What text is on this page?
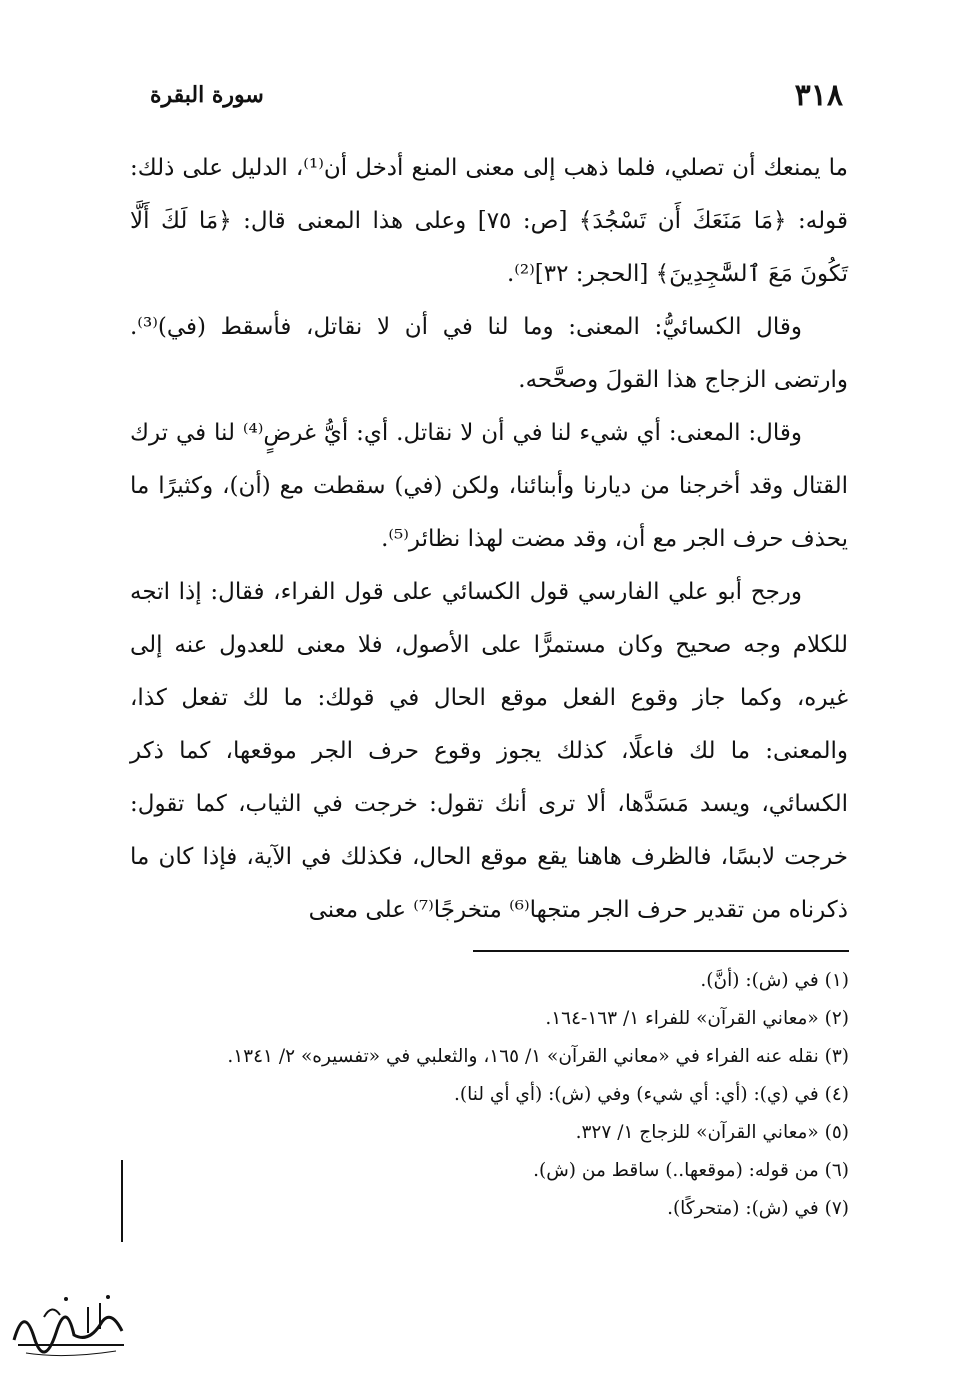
٣١٨
سورة البقرة

ما يمنعك أن تصلي، فلما ذهب إلى معنى المنع أدخل أن⁽¹⁾، الدليل على ذلك: قوله: ﴿مَا مَنَعَكَ أَن تَسْجُدَ﴾ [ص: ٧٥] وعلى هذا المعنى قال: ﴿مَا لَكَ أَلَّا تَكُونَ مَعَ ٱلسَّٰجِدِينَ﴾ [الحجر: ٣٢]⁽²⁾.

وقال الكسائيُّ: المعنى: وما لنا في أن لا نقاتل، فأسقط (في)⁽³⁾. وارتضى الزجاج هذا القولَ وصحَّحه.

وقال: المعنى: أي شيء لنا في أن لا نقاتل. أي: أيُّ غرضٍ⁽⁴⁾ لنا في ترك القتال وقد أخرجنا من ديارنا وأبنائنا، ولكن (في) سقطت مع (أن)، وكثيرًا ما يحذف حرف الجر مع أن، وقد مضت لهذا نظائر⁽⁵⁾.

ورجح أبو علي الفارسي قول الكسائي على قول الفراء، فقال: إذا اتجه للكلام وجه صحيح وكان مستمرًّا على الأصول، فلا معنى للعدول عنه إلى غيره، وكما جاز وقوع الفعل موقع الحال في قولك: ما لك تفعل كذا، والمعنى: ما لك فاعلًا، كذلك يجوز وقوع حرف الجر موقعها، كما ذكر الكسائي، ويسد مَسَدَّها، ألا ترى أنك تقول: خرجت في الثياب، كما تقول: خرجت لابسًا، فالظرف هاهنا يقع موقع الحال، فكذلك في الآية، فإذا كان ما ذكرناه من تقدير حرف الجر متجها⁽⁶⁾ متخرجًا⁽⁷⁾ على معنى

(١) في (ش): (أنَّ).

(٢) «معاني القرآن» للفراء ١/ ١٦٣-١٦٤.

(٣) نقله عنه الفراء في «معاني القرآن» ١/ ١٦٥، والثعلبي في «تفسيره» ٢/ ١٣٤١.

(٤) في (ي): (أي: أي شيء) وفي (ش): (أي أي لنا).

(٥) «معاني القرآن» للزجاج ١/ ٣٢٧.

(٦) من قوله: (موقعها..) ساقط من (ش).

(٧) في (ش): (متحركًا).
